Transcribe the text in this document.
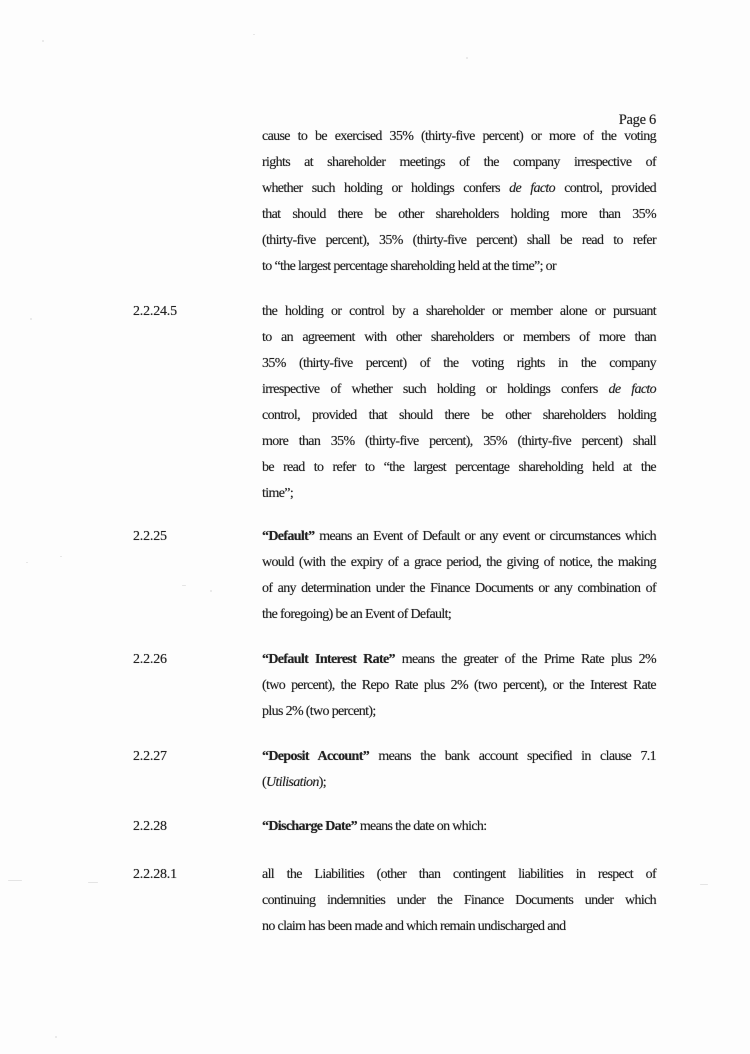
Page 6
cause to be exercised 35% (thirty-five percent) or more of the voting
rights at shareholder meetings of the company irrespective of
whether such holding or holdings confers de facto control, provided
that should there be other shareholders holding more than 35%
(thirty-five percent), 35% (thirty-five percent) shall be read to refer
to “the largest percentage shareholding held at the time”; or
2.2.24.5	the holding or control by a shareholder or member alone or pursuant
to an agreement with other shareholders or members of more than
35% (thirty-five percent) of the voting rights in the company
irrespective of whether such holding or holdings confers de facto
control, provided that should there be other shareholders holding
more than 35% (thirty-five percent), 35% (thirty-five percent) shall
be read to refer to “the largest percentage shareholding held at the
time”;
2.2.25	“Default” means an Event of Default or any event or circumstances which
would (with the expiry of a grace period, the giving of notice, the making
of any determination under the Finance Documents or any combination of
the foregoing) be an Event of Default;
2.2.26	“Default Interest Rate” means the greater of the Prime Rate plus 2%
(two percent), the Repo Rate plus 2% (two percent), or the Interest Rate
plus 2% (two percent);
2.2.27	“Deposit Account” means the bank account specified in clause 7.1
(Utilisation);
2.2.28	“Discharge Date” means the date on which:
2.2.28.1	all the Liabilities (other than contingent liabilities in respect of
continuing indemnities under the Finance Documents under which
no claim has been made and which remain undischarged and
